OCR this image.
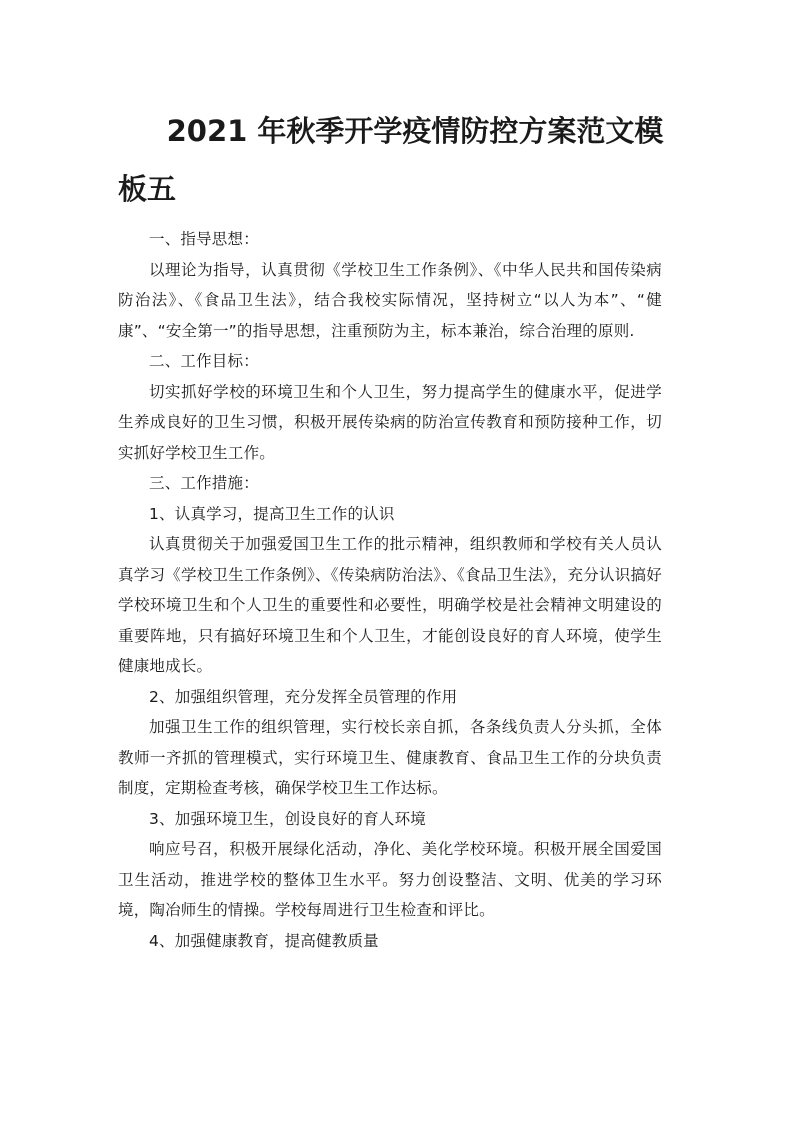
2021 年秋季开学疫情防控方案范文模
板五

一、指导思想：

以理论为指导，认真贯彻《学校卫生工作条例》、《中华人民共和国传染病防治法》、《食品卫生法》，结合我校实际情况，坚持树立“以人为本”、“健康”、“安全第一”的指导思想，注重预防为主，标本兼治，综合治理的原则.

二、工作目标：

切实抓好学校的环境卫生和个人卫生，努力提高学生的健康水平，促进学生养成良好的卫生习惯，积极开展传染病的防治宣传教育和预防接种工作，切实抓好学校卫生工作。

三、工作措施：

1、认真学习，提高卫生工作的认识

认真贯彻关于加强爱国卫生工作的批示精神，组织教师和学校有关人员认真学习《学校卫生工作条例》、《传染病防治法》、《食品卫生法》，充分认识搞好学校环境卫生和个人卫生的重要性和必要性，明确学校是社会精神文明建设的重要阵地，只有搞好环境卫生和个人卫生，才能创设良好的育人环境，使学生健康地成长。

2、加强组织管理，充分发挥全员管理的作用

加强卫生工作的组织管理，实行校长亲自抓，各条线负责人分头抓，全体教师一齐抓的管理模式，实行环境卫生、健康教育、食品卫生工作的分块负责制度，定期检查考核，确保学校卫生工作达标。

3、加强环境卫生，创设良好的育人环境

响应号召，积极开展绿化活动，净化、美化学校环境。积极开展全国爱国卫生活动，推进学校的整体卫生水平。努力创设整洁、文明、优美的学习环境，陶冶师生的情操。学校每周进行卫生检查和评比。

4、加强健康教育，提高健教质量
